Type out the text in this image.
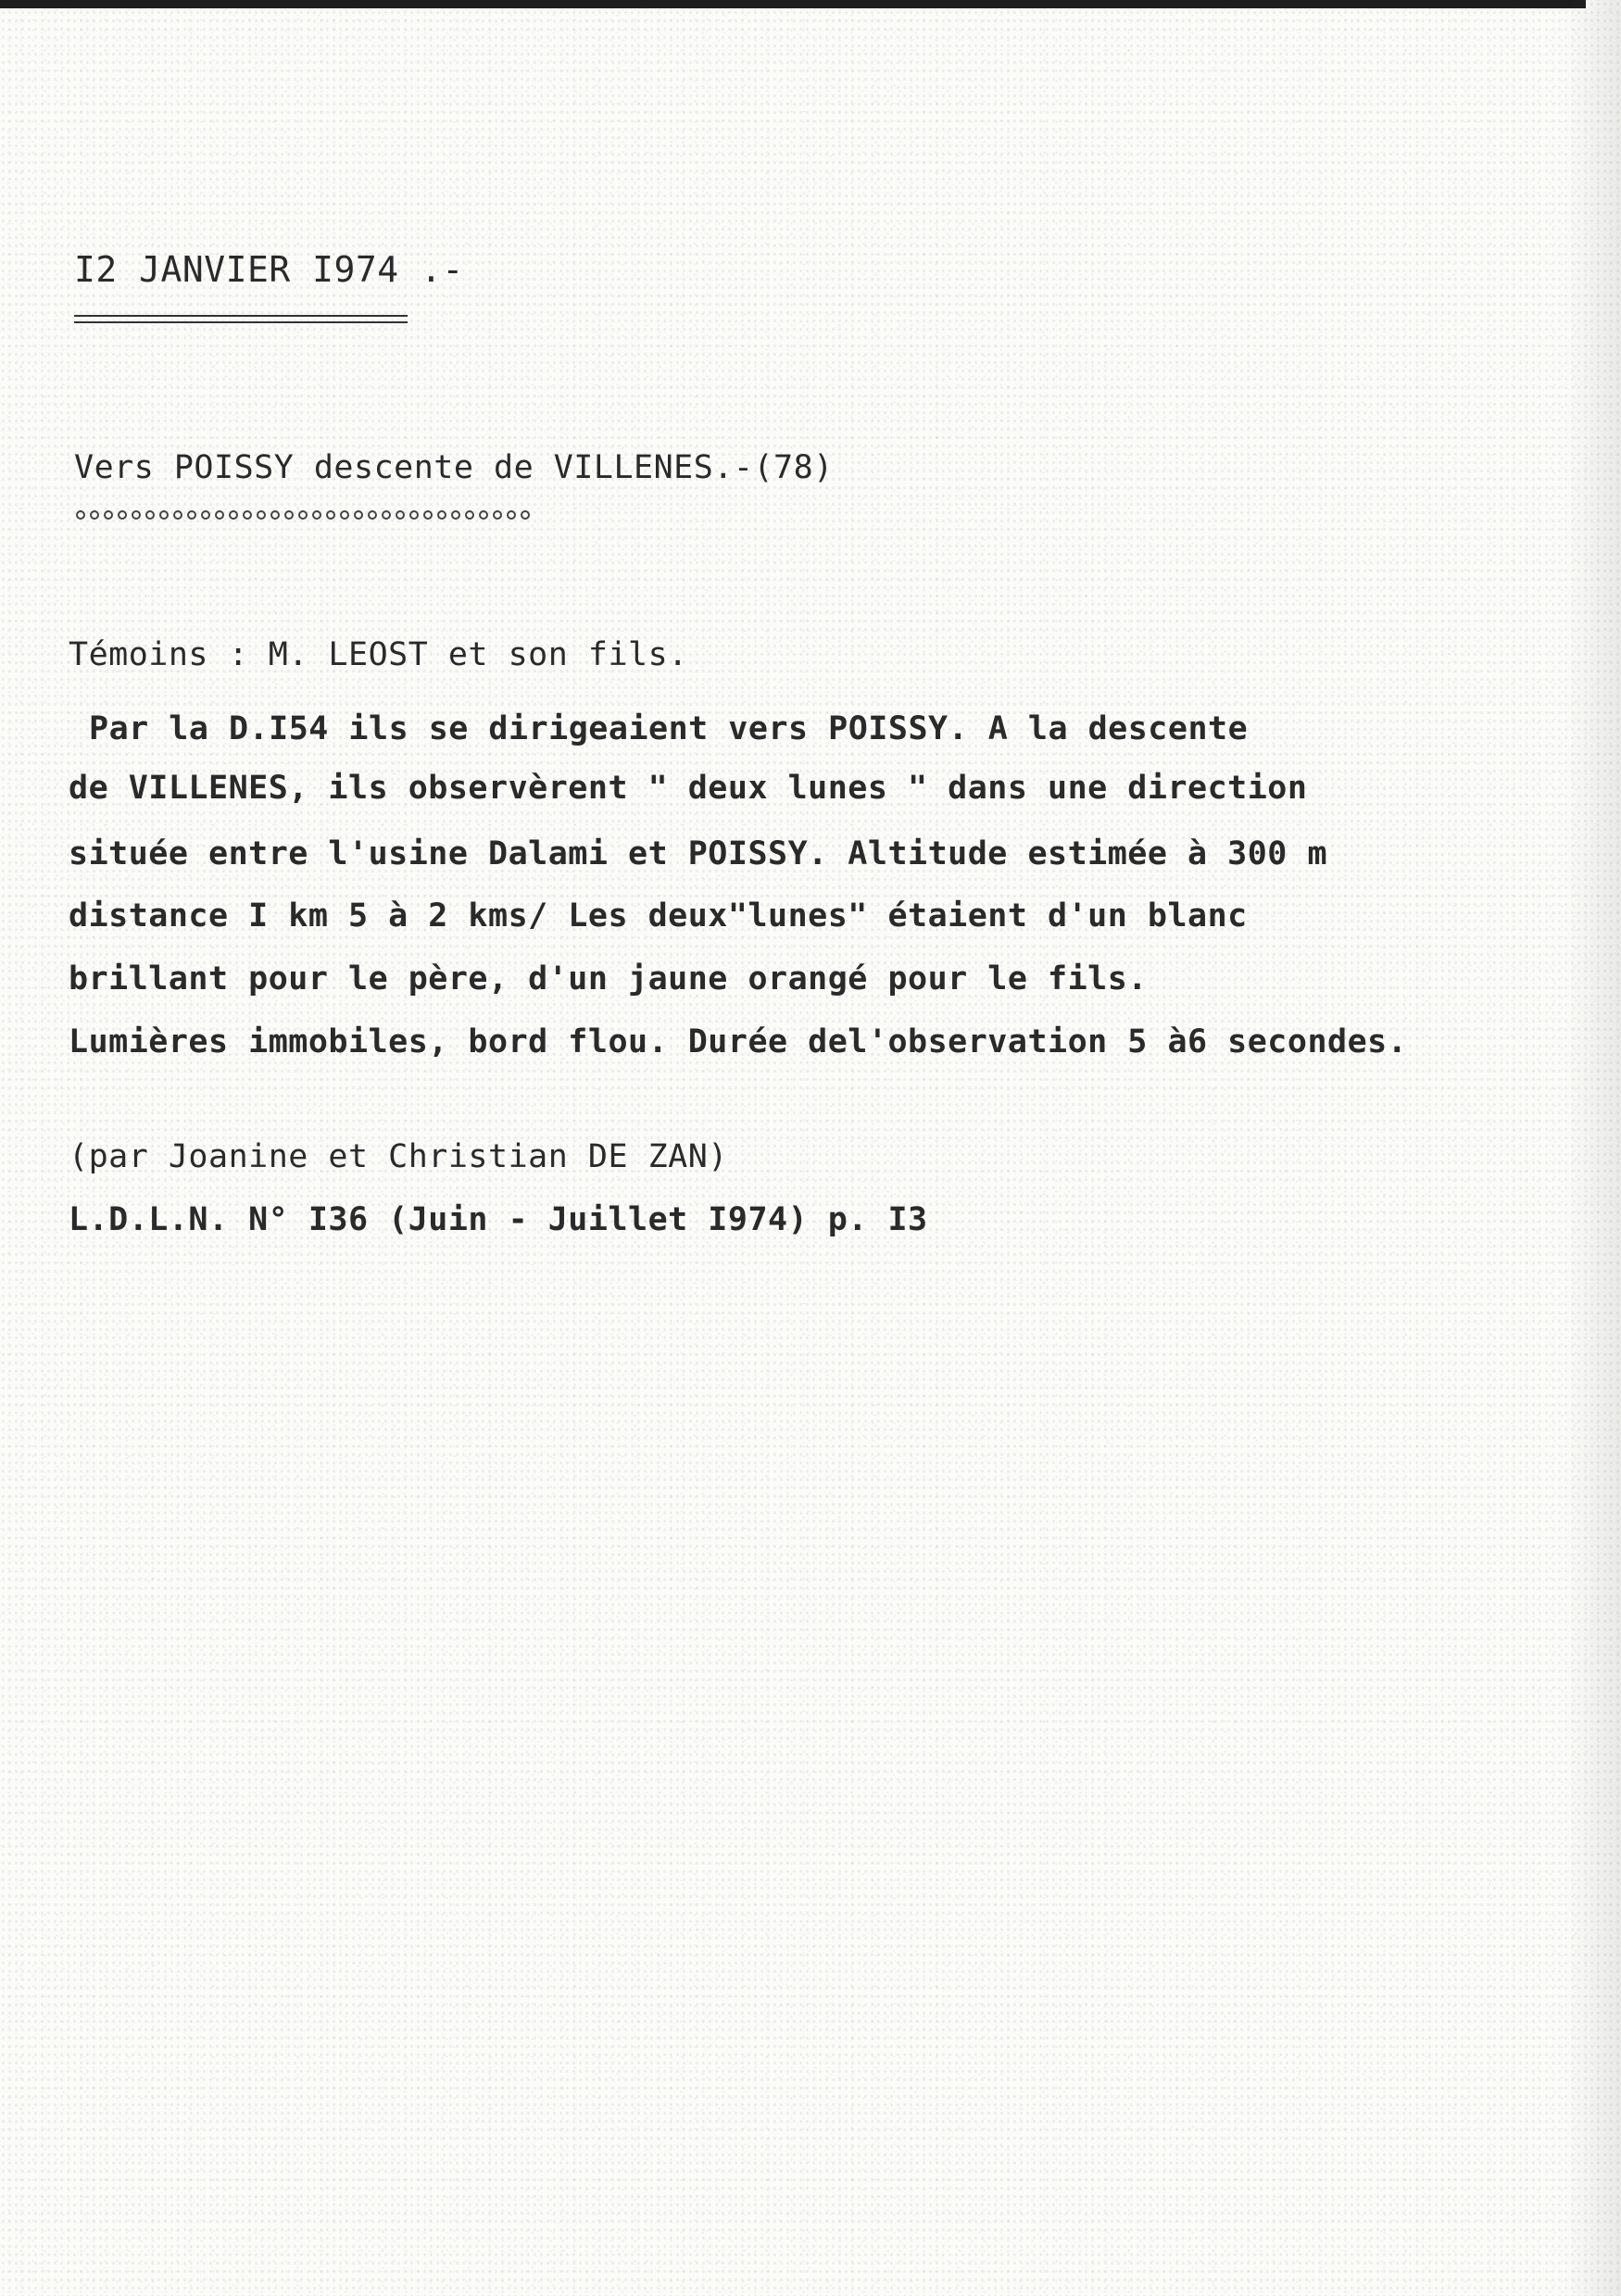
I2 JANVIER I974 .-
Vers POISSY descente de VILLENES.-(78)
Témoins : M. LEOST et son fils.
Par la D.I54 ils se dirigeaient vers POISSY. A la descente
de VILLENES, ils observèrent " deux lunes " dans une direction
située entre l'usine Dalami et POISSY. Altitude estimée à 300 m
distance I km 5 à 2 kms/ Les deux"lunes" étaient d'un blanc
brillant pour le père, d'un jaune orangé pour le fils.
Lumières immobiles, bord flou. Durée del'observation 5 à6 secondes.
(par Joanine et Christian DE ZAN)
L.D.L.N. N° I36 (Juin - Juillet I974) p. I3
